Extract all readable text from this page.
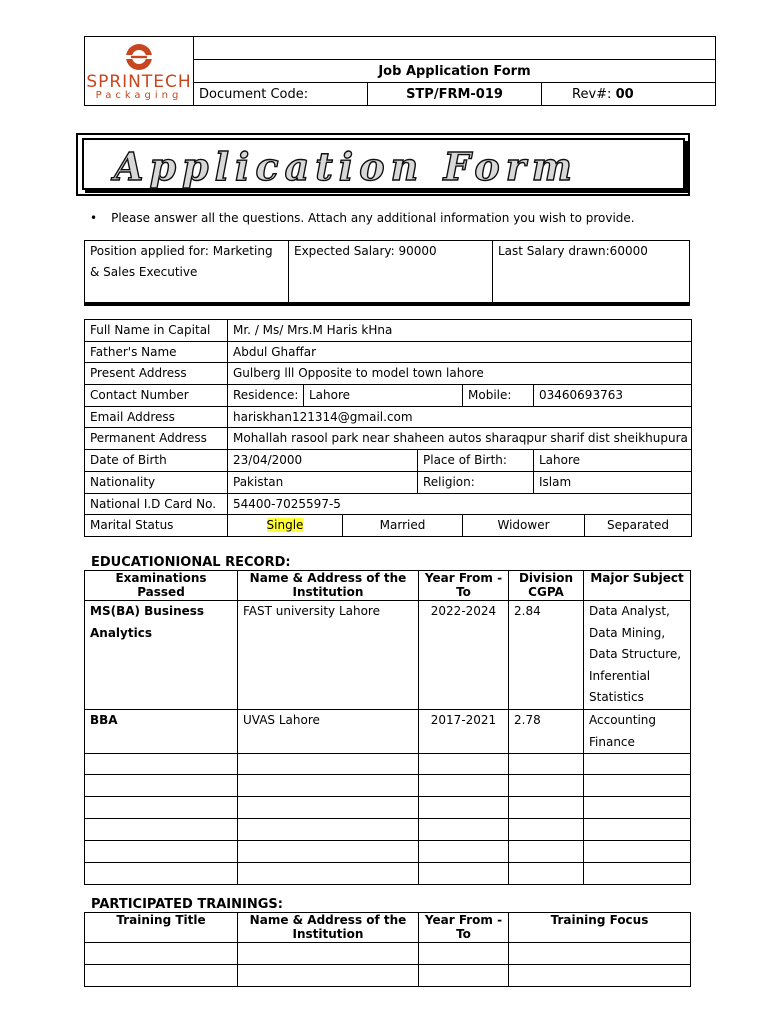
SPRINTECH
Packaging			

	Job Application Form		
	Document Code:	STP/FRM-019	Rev#: 00
Application Form
• Please answer all the questions. Attach any additional information you wish to provide.
Position applied for: Marketing & Sales Executive	Expected Salary: 90000	Last Salary drawn:60000
Full Name in Capital	Mr. / Ms/ Mrs.M Haris kHna						
Father's Name	Abdul Ghaffar						
Present Address	Gulberg lll Opposite to model town lahore						
Contact Number	Residence:	Lahore			Mobile:	03460693763	
Email Address	hariskhan121314@gmail.com						
Permanent Address	Mohallah rasool park near shaheen autos sharaqpur sharif dist sheikhupura						
Date of Birth	23/04/2000			Place of Birth:		Lahore	
Nationality	Pakistan			Religion:		Islam	
National I.D Card No.	54400-7025597-5						
Marital Status	Single		Married		Widower		Separated
EDUCATIONIONAL RECORD:
Examinations Passed	Name & Address of the Institution	Year From - To	Division CGPA	Major Subject
MS(BA) Business Analytics	FAST university Lahore	2022-2024	2.84	Data Analyst, Data Mining, Data Structure, Inferential Statistics
BBA	UVAS Lahore	2017-2021	2.78	Accounting Finance

PARTICIPATED TRAININGS:
Training Title	Name & Address of the Institution	Year From - To	Training Focus
